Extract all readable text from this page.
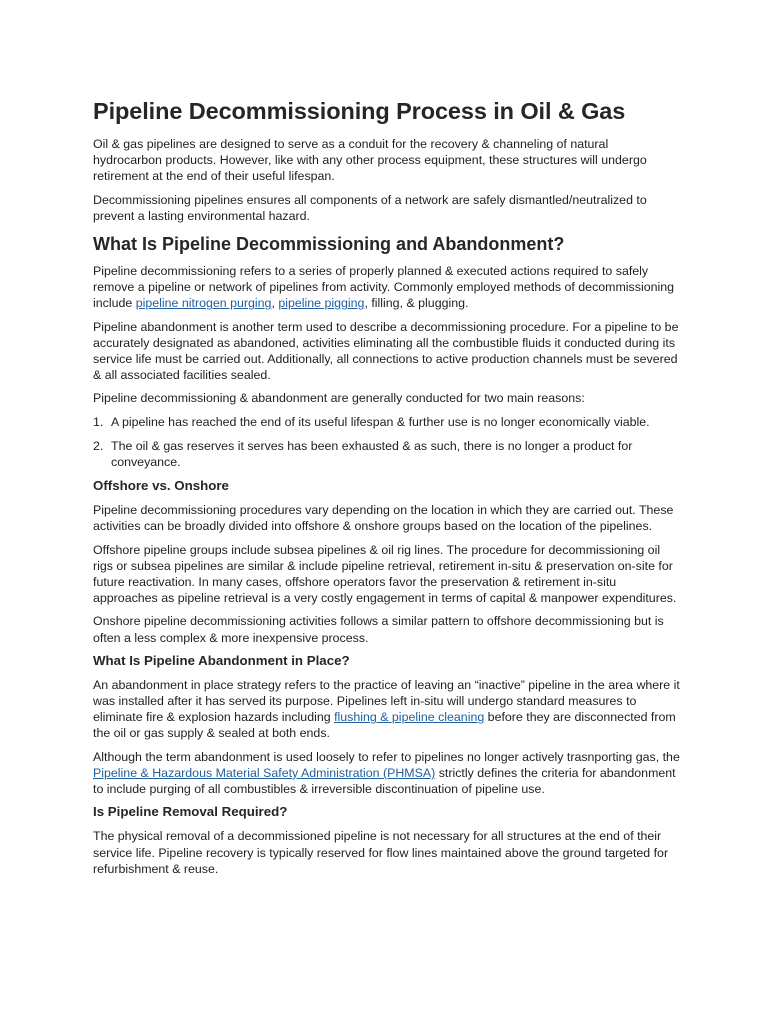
Pipeline Decommissioning Process in Oil & Gas

Oil & gas pipelines are designed to serve as a conduit for the recovery & channeling of natural hydrocarbon products. However, like with any other process equipment, these structures will undergo retirement at the end of their useful lifespan.

Decommissioning pipelines ensures all components of a network are safely dismantled/neutralized to prevent a lasting environmental hazard.

What Is Pipeline Decommissioning and Abandonment?

Pipeline decommissioning refers to a series of properly planned & executed actions required to safely remove a pipeline or network of pipelines from activity. Commonly employed methods of decommissioning include pipeline nitrogen purging, pipeline pigging, filling, & plugging.

Pipeline abandonment is another term used to describe a decommissioning procedure. For a pipeline to be accurately designated as abandoned, activities eliminating all the combustible fluids it conducted during its service life must be carried out. Additionally, all connections to active production channels must be severed & all associated facilities sealed.

Pipeline decommissioning & abandonment are generally conducted for two main reasons:

1. A pipeline has reached the end of its useful lifespan & further use is no longer economically viable.
2. The oil & gas reserves it serves has been exhausted & as such, there is no longer a product for conveyance.
Offshore vs. Onshore

Pipeline decommissioning procedures vary depending on the location in which they are carried out. These activities can be broadly divided into offshore & onshore groups based on the location of the pipelines.

Offshore pipeline groups include subsea pipelines & oil rig lines. The procedure for decommissioning oil rigs or subsea pipelines are similar & include pipeline retrieval, retirement in-situ & preservation on-site for future reactivation. In many cases, offshore operators favor the preservation & retirement in-situ approaches as pipeline retrieval is a very costly engagement in terms of capital & manpower expenditures.

Onshore pipeline decommissioning activities follows a similar pattern to offshore decommissioning but is often a less complex & more inexpensive process.

What Is Pipeline Abandonment in Place?

An abandonment in place strategy refers to the practice of leaving an “inactive” pipeline in the area where it was installed after it has served its purpose. Pipelines left in-situ will undergo standard measures to eliminate fire & explosion hazards including flushing & pipeline cleaning before they are disconnected from the oil or gas supply & sealed at both ends.

Although the term abandonment is used loosely to refer to pipelines no longer actively trasnporting gas, the Pipeline & Hazardous Material Safety Administration (PHMSA) strictly defines the criteria for abandonment to include purging of all combustibles & irreversible discontinuation of pipeline use.

Is Pipeline Removal Required?

The physical removal of a decommissioned pipeline is not necessary for all structures at the end of their service life. Pipeline recovery is typically reserved for flow lines maintained above the ground targeted for refurbishment & reuse.
